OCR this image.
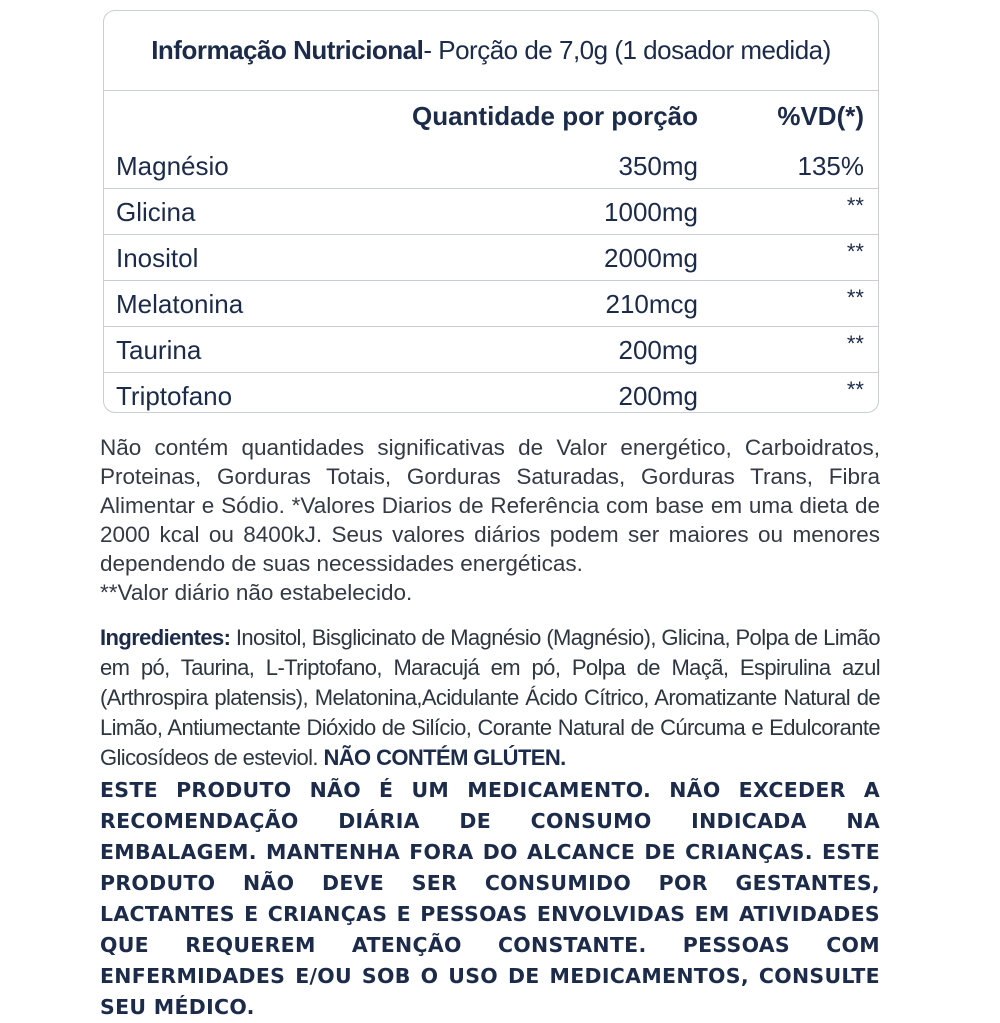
Informação Nutricional - Porção de 7,0g (1 dosador medida)
Quantidade por porção	%VD(*)
Magnésio	350mg	135%
Glicina	1000mg	**
Inositol	2000mg	**
Melatonina	210mcg	**
Taurina	200mg	**
Triptofano	200mg	**
Não contém quantidades significativas de Valor energético, Carboidratos, Proteinas, Gorduras Totais, Gorduras Saturadas, Gorduras Trans, Fibra Alimentar e Sódio. *Valores Diarios de Referência com base em uma dieta de 2000 kcal ou 8400kJ. Seus valores diários podem ser maiores ou menores dependendo de suas necessidades energéticas.
**Valor diário não estabelecido.
Ingredientes: Inositol, Bisglicinato de Magnésio (Magnésio), Glicina, Polpa de Limão em pó, Taurina, L-Triptofano, Maracujá em pó, Polpa de Maçã, Espirulina azul (Arthrospira platensis), Melatonina,Acidulante Ácido Cítrico, Aromatizante Natural de Limão, Antiumectante Dióxido de Silício, Corante Natural de Cúrcuma e Edulcorante Glicosídeos de esteviol. NÃO CONTÉM GLÚTEN.
ESTE PRODUTO NÃO É UM MEDICAMENTO. NÃO EXCEDER A RECOMENDAÇÃO DIÁRIA DE CONSUMO INDICADA NA EMBALAGEM. MANTENHA FORA DO ALCANCE DE CRIANÇAS. ESTE PRODUTO NÃO DEVE SER CONSUMIDO POR GESTANTES, LACTANTES E CRIANÇAS E PESSOAS ENVOLVIDAS EM ATIVIDADES QUE REQUEREM ATENÇÃO CONSTANTE. PESSOAS COM ENFERMIDADES E/OU SOB O USO DE MEDICAMENTOS, CONSULTE SEU MÉDICO.
